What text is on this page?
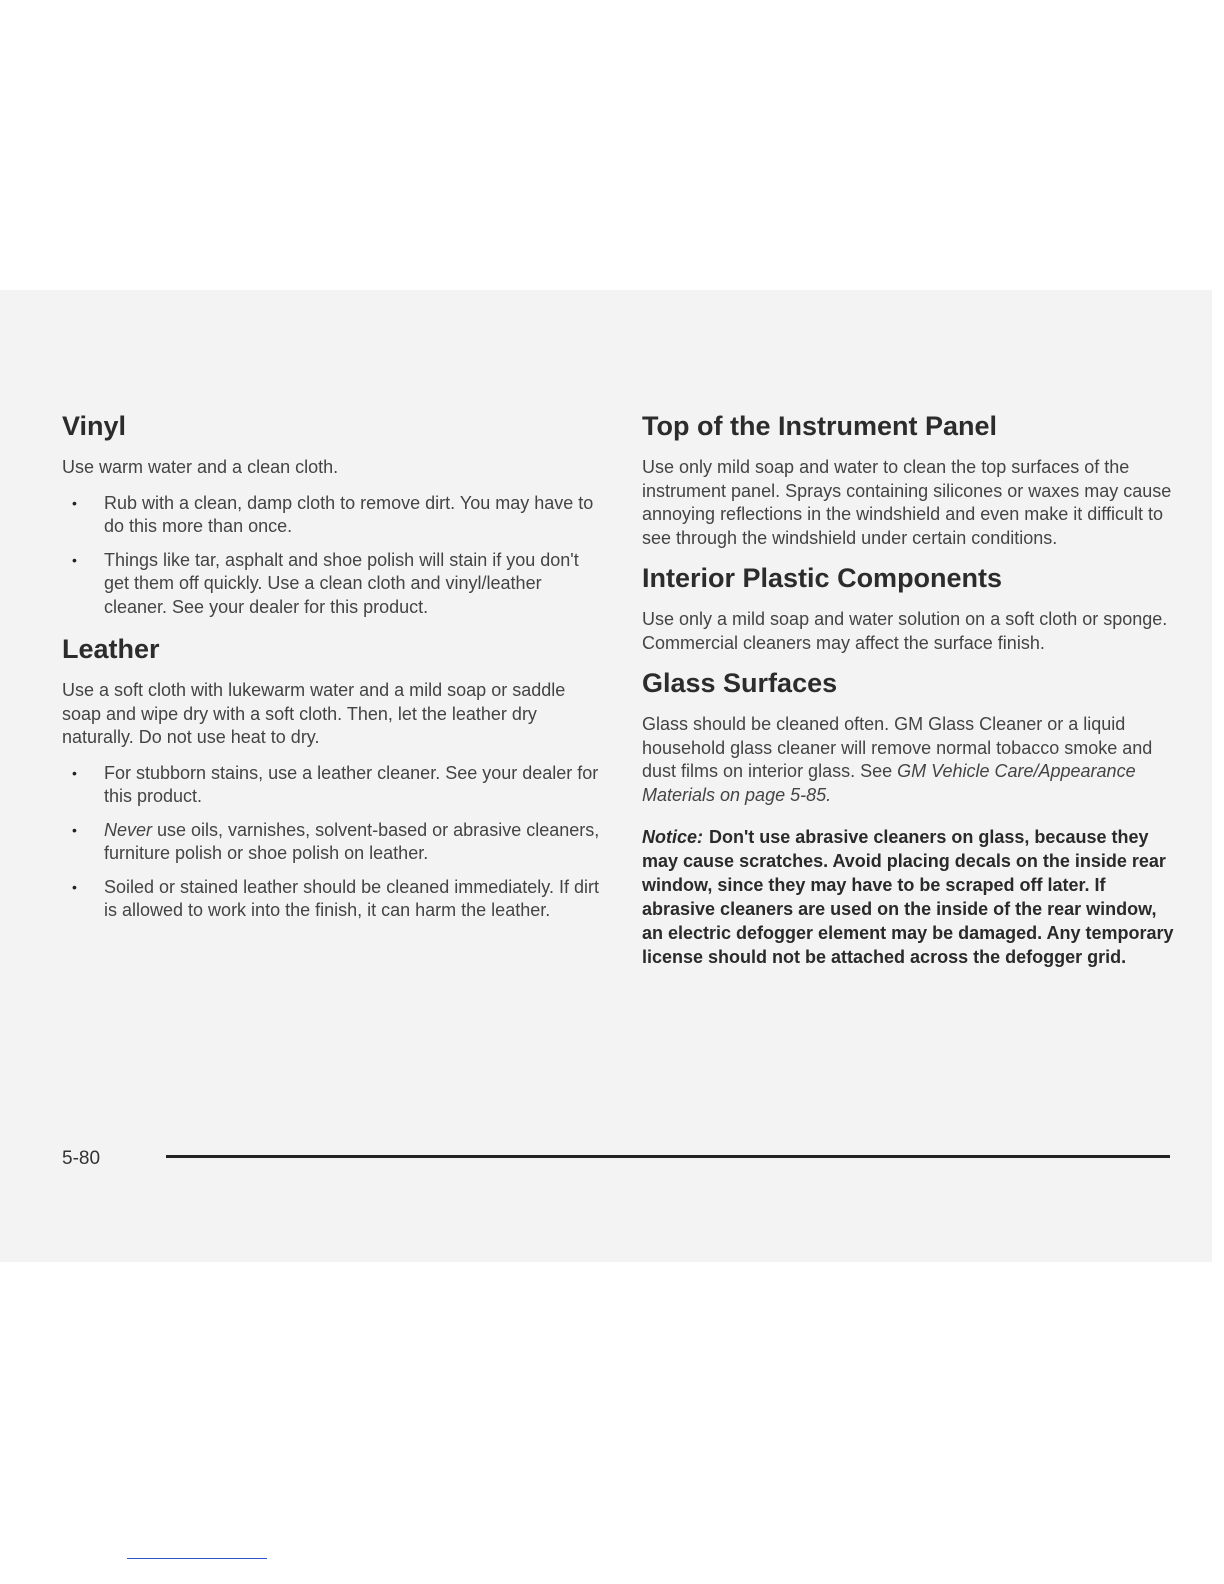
Vinyl

Use warm water and a clean cloth.

• Rub with a clean, damp cloth to remove dirt. You may have to do this more than once.
• Things like tar, asphalt and shoe polish will stain if you don't get them off quickly. Use a clean cloth and vinyl/leather cleaner. See your dealer for this product.
Leather

Use a soft cloth with lukewarm water and a mild soap or saddle soap and wipe dry with a soft cloth. Then, let the leather dry naturally. Do not use heat to dry.

• For stubborn stains, use a leather cleaner. See your dealer for this product.
• Never use oils, varnishes, solvent-based or abrasive cleaners, furniture polish or shoe polish on leather.
• Soiled or stained leather should be cleaned immediately. If dirt is allowed to work into the finish, it can harm the leather.
Top of the Instrument Panel

Use only mild soap and water to clean the top surfaces of the instrument panel. Sprays containing silicones or waxes may cause annoying reflections in the windshield and even make it difficult to see through the windshield under certain conditions.

Interior Plastic Components

Use only a mild soap and water solution on a soft cloth or sponge. Commercial cleaners may affect the surface finish.

Glass Surfaces

Glass should be cleaned often. GM Glass Cleaner or a liquid household glass cleaner will remove normal tobacco smoke and dust films on interior glass. See GM Vehicle Care/Appearance Materials on page 5-85.

Notice: Don't use abrasive cleaners on glass, because they may cause scratches. Avoid placing decals on the inside rear window, since they may have to be scraped off later. If abrasive cleaners are used on the inside of the rear window, an electric defogger element may be damaged. Any temporary license should not be attached across the defogger grid.

5-80
